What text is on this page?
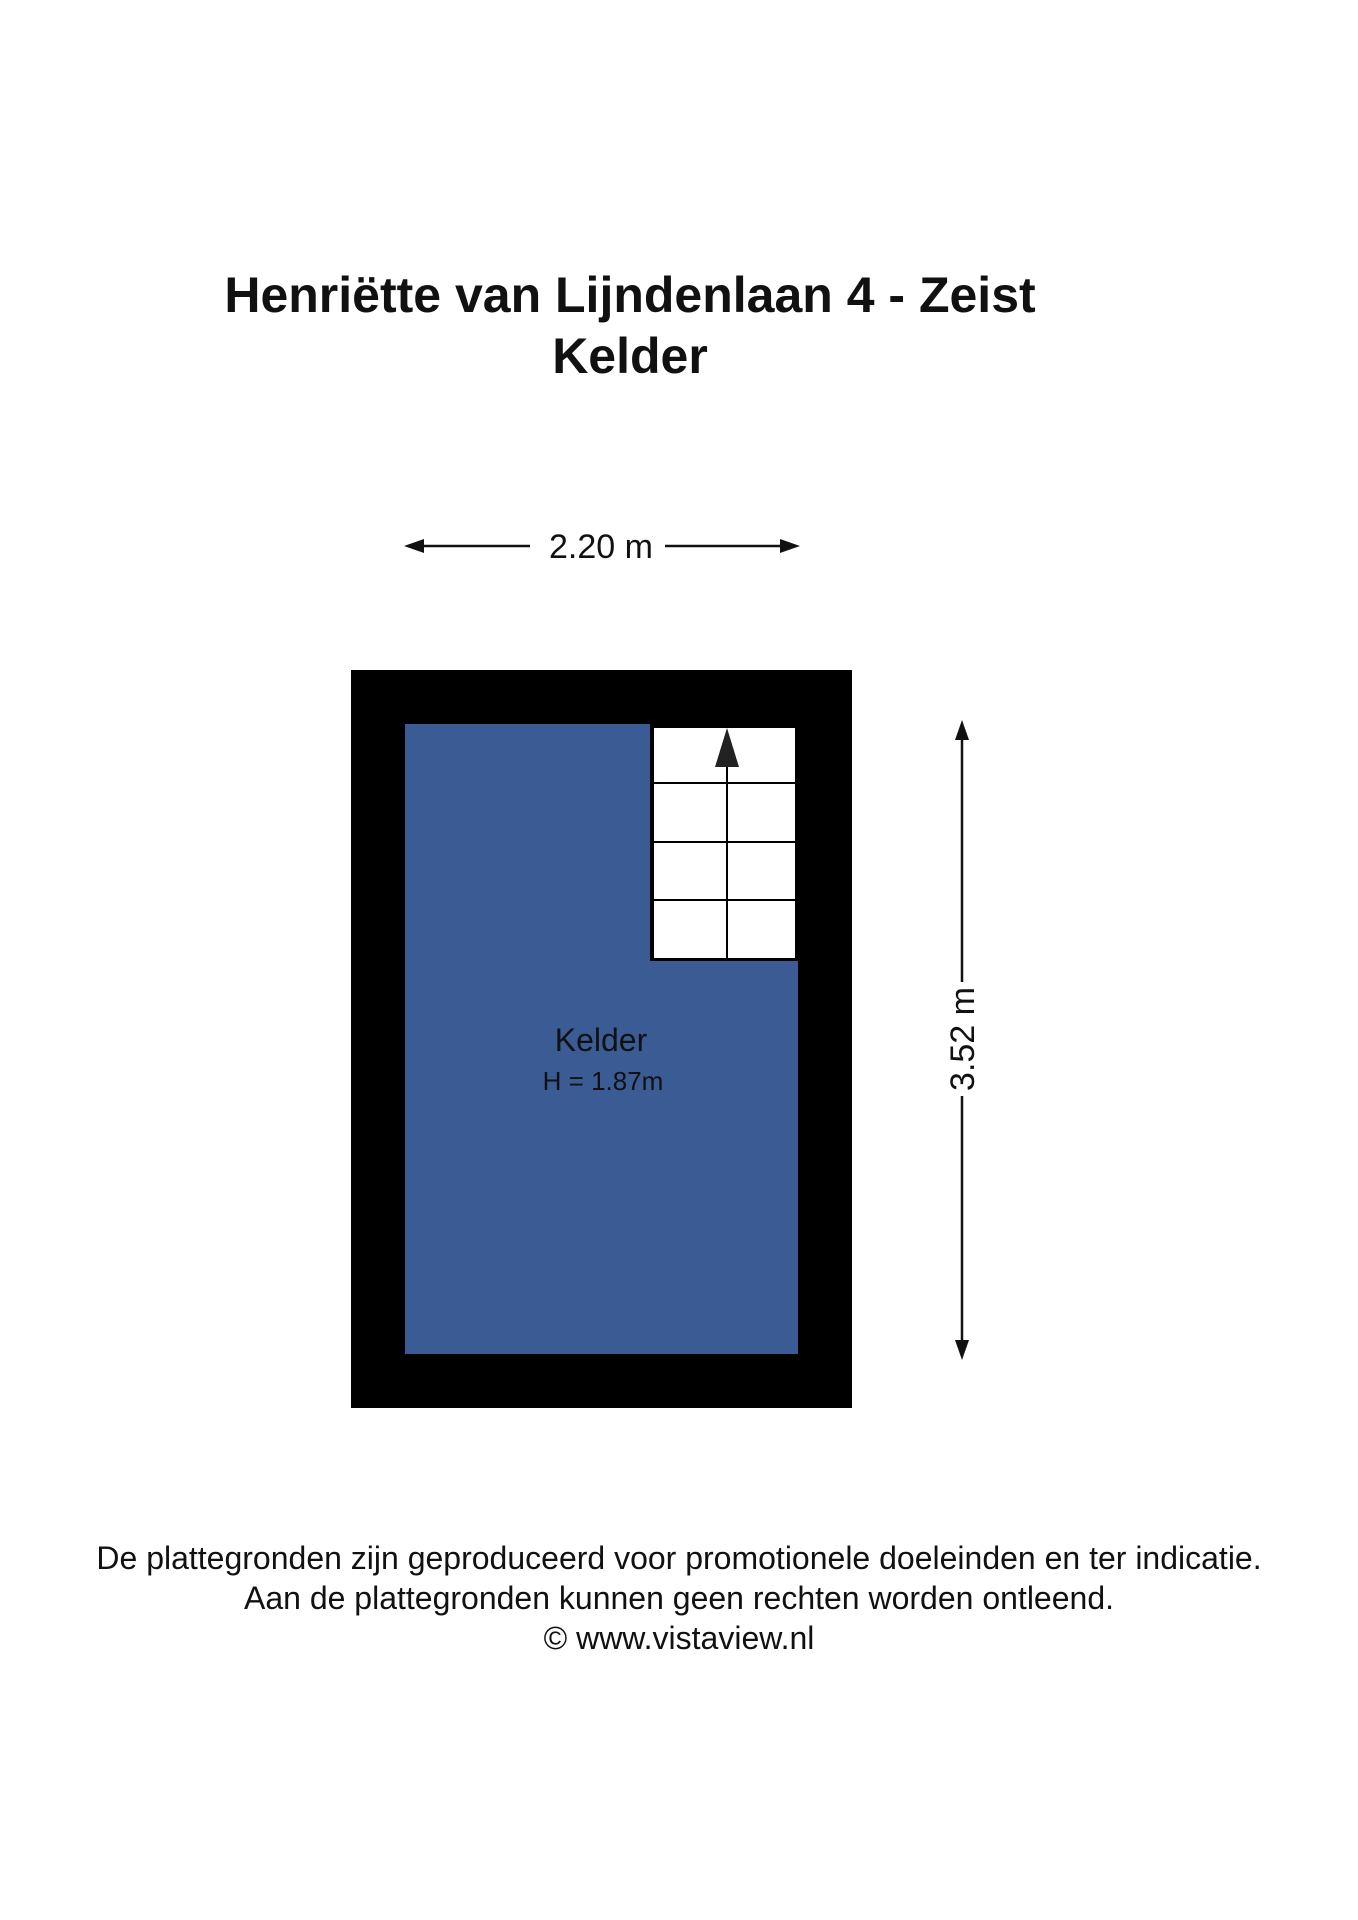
Henriëtte van Lijndenlaan 4 - Zeist
Kelder
2.20 m
3.52 m
Kelder
H = 1.87m

De plattegronden zijn geproduceerd voor promotionele doeleinden en ter indicatie.

Aan de plattegronden kunnen geen rechten worden ontleend.

© www.vistaview.nl
